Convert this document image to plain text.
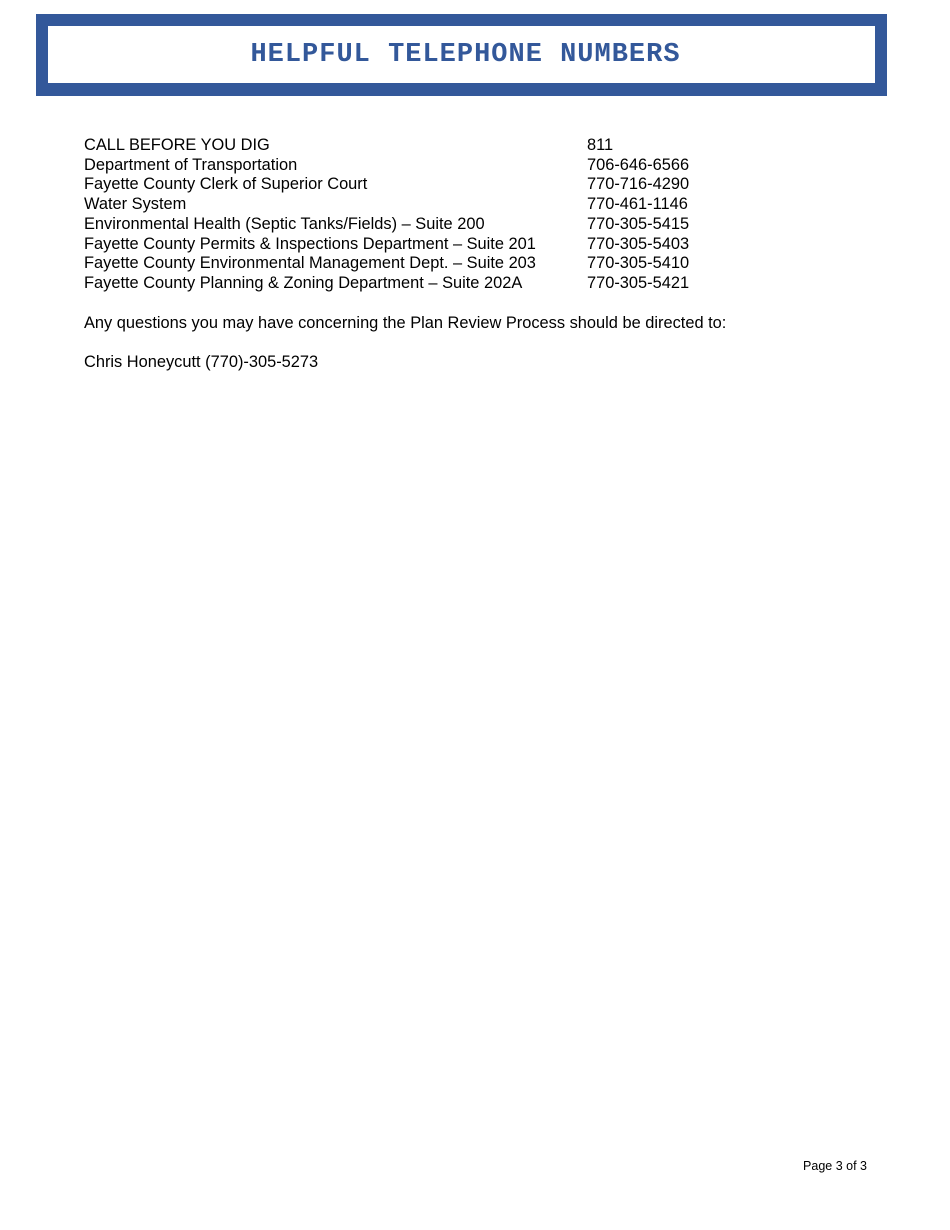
HELPFUL TELEPHONE NUMBERS
CALL BEFORE YOU DIG	811
Department of Transportation	706-646-6566
Fayette County Clerk of Superior Court	770-716-4290
Water System	770-461-1146
Environmental Health (Septic Tanks/Fields) – Suite 200	770-305-5415
Fayette County Permits & Inspections Department – Suite 201	770-305-5403
Fayette County Environmental Management Dept. – Suite 203	770-305-5410
Fayette County Planning & Zoning Department – Suite 202A	770-305-5421

Any questions you may have concerning the Plan Review Process should be directed to:

Chris Honeycutt (770)-305-5273

Page 3 of 3
